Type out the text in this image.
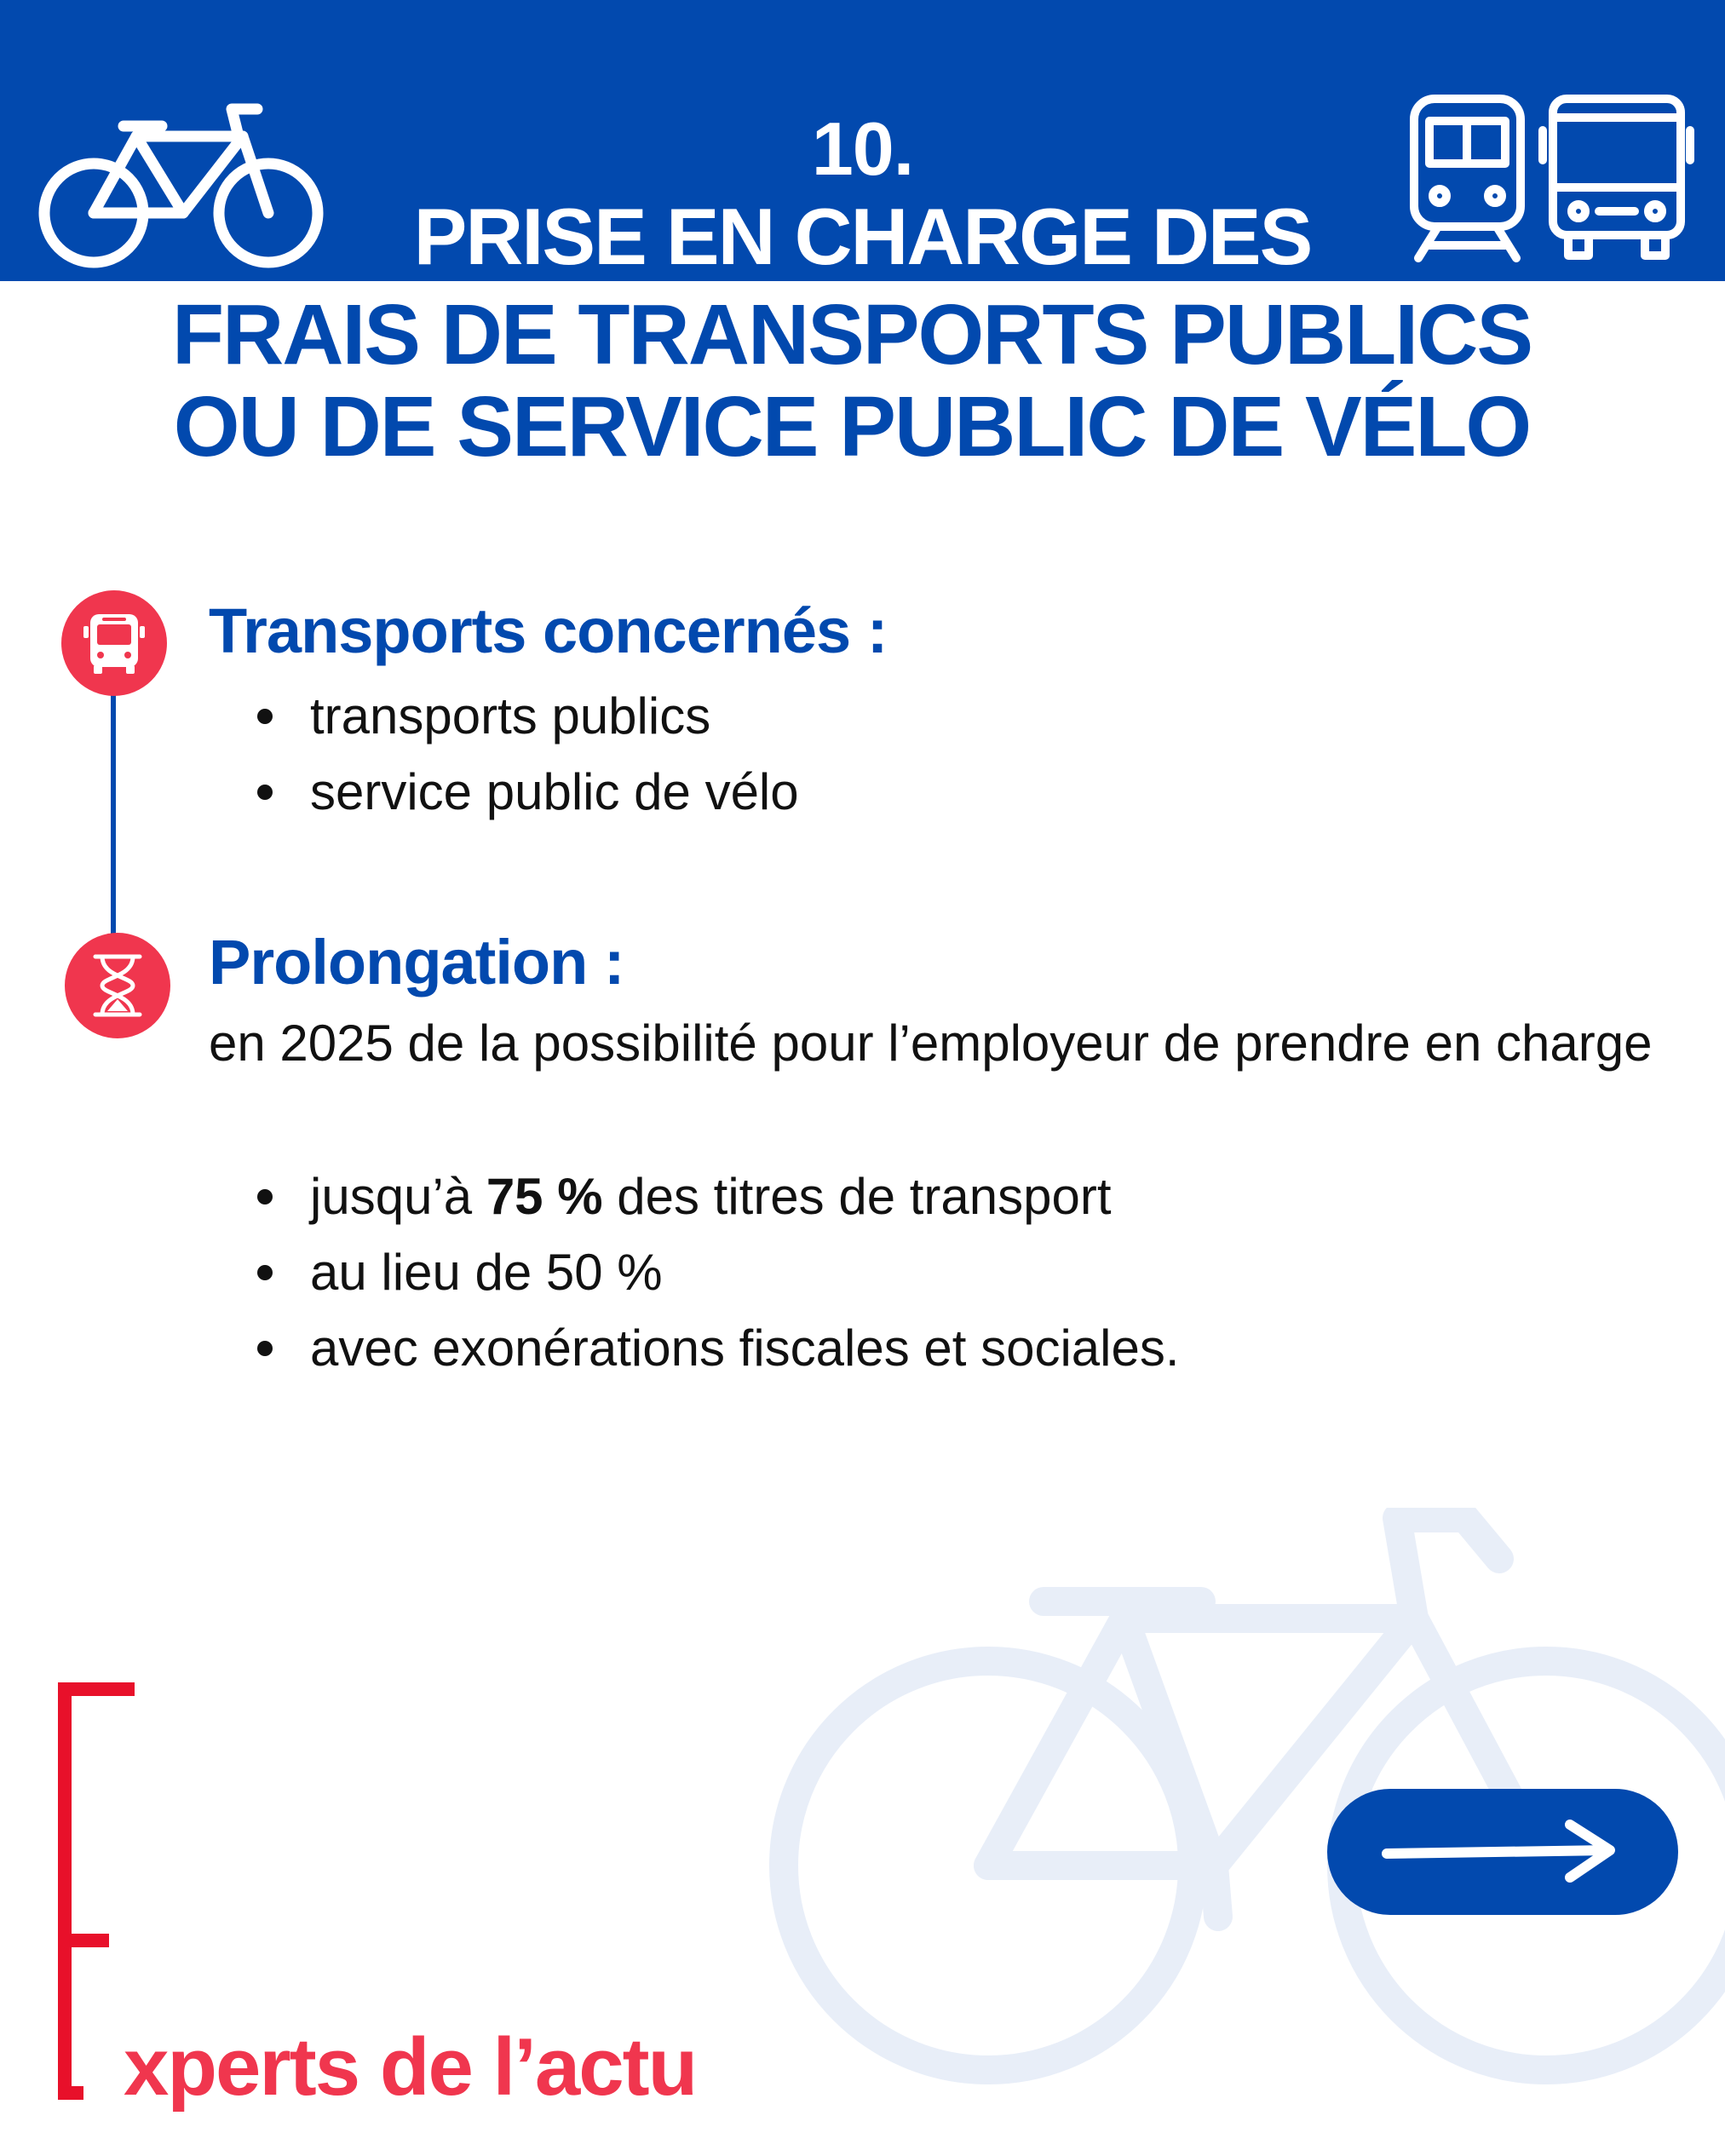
10.
PRISE EN CHARGE DES
FRAIS DE TRANSPORTS PUBLICS
OU DE SERVICE PUBLIC DE VÉLO
Transports concernés :
transports publics
service public de vélo
Prolongation :
en 2025 de la possibilité pour l’employeur de prendre en charge
jusqu’à 75 % des titres de transport
au lieu de 50 %
avec exonérations fiscales et sociales.
xperts de l’actu
